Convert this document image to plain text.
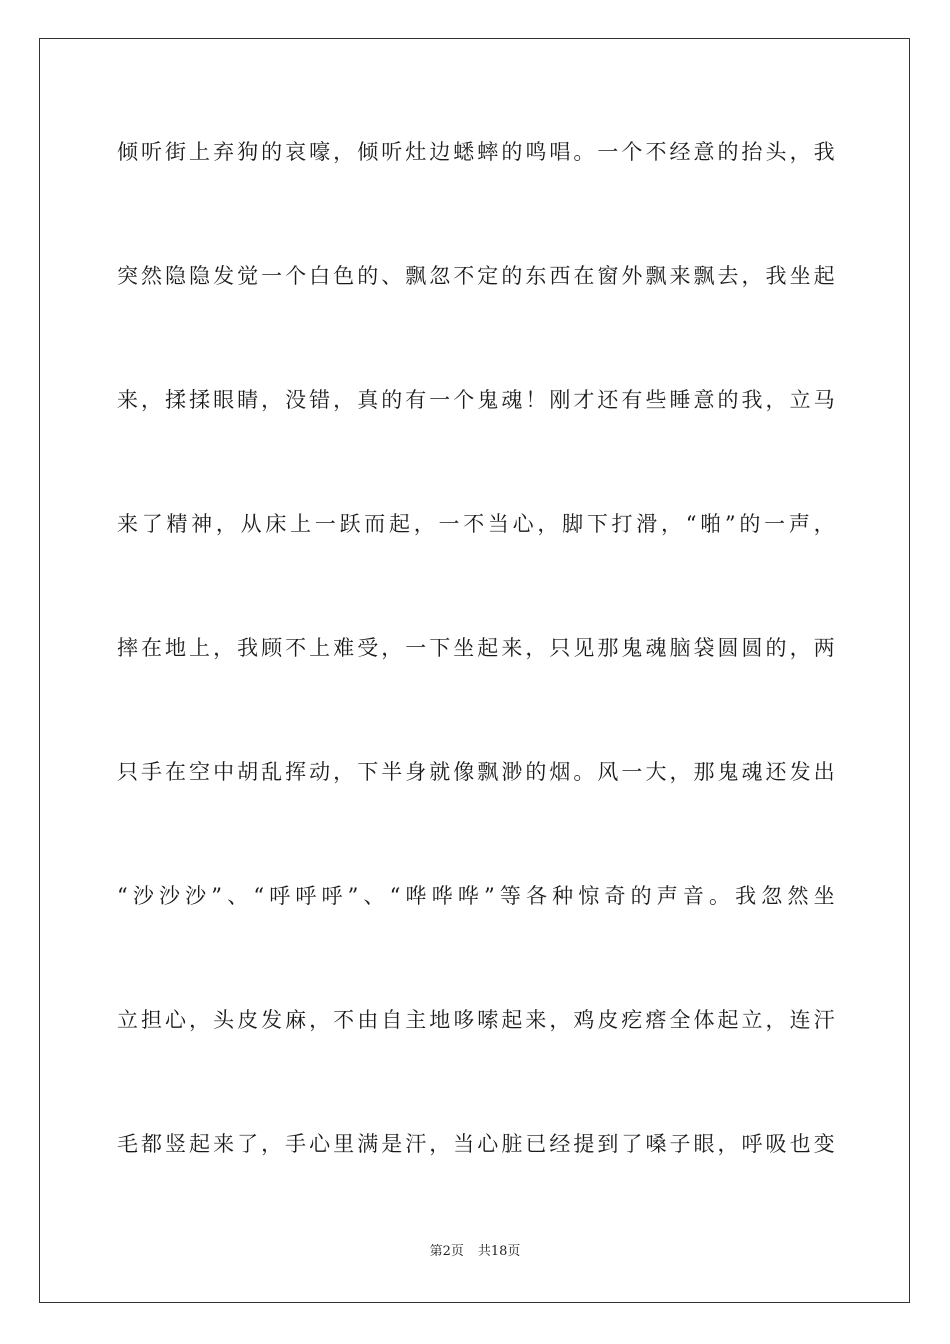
倾听街上弃狗的哀嚎，倾听灶边蟋蟀的鸣唱。一个不经意的抬头，我
突然隐隐发觉一个白色的、飘忽不定的东西在窗外飘来飘去，我坐起
来，揉揉眼睛，没错，真的有一个鬼魂！刚才还有些睡意的我，立马
来了精神，从床上一跃而起，一不当心，脚下打滑，“啪”的一声，
摔在地上，我顾不上难受，一下坐起来，只见那鬼魂脑袋圆圆的，两
只手在空中胡乱挥动，下半身就像飘渺的烟。风一大，那鬼魂还发出
“沙沙沙”、“呼呼呼”、“哗哗哗”等各种惊奇的声音。我忽然坐
立担心，头皮发麻，不由自主地哆嗦起来，鸡皮疙瘩全体起立，连汗
毛都竖起来了，手心里满是汗，当心脏已经提到了嗓子眼，呼吸也变
第2页 共18页
